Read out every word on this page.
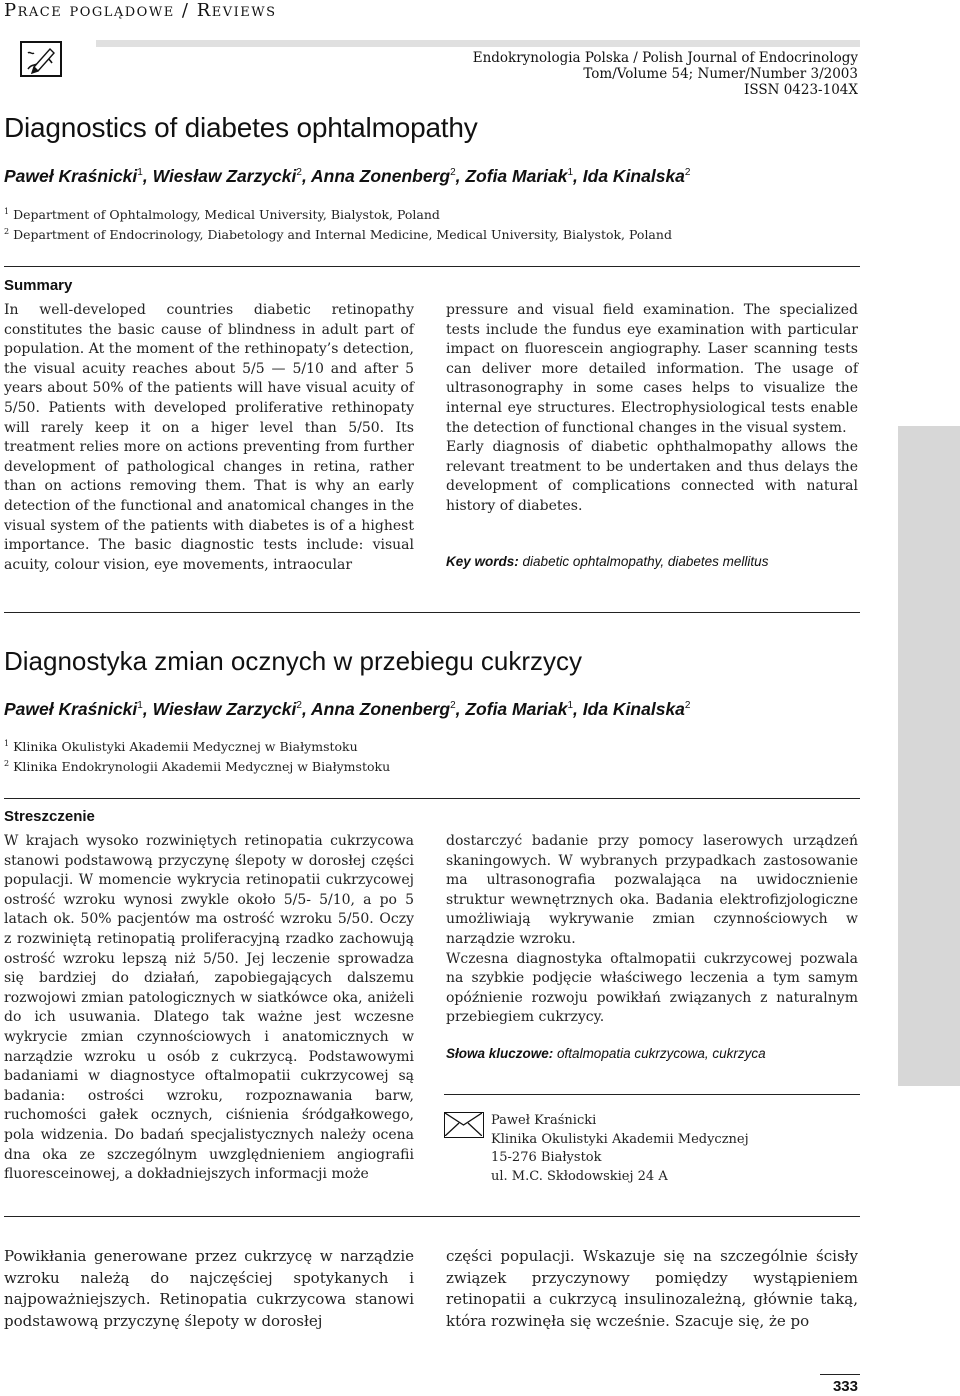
Prace poglądowe / Reviews
Endokrynologia Polska / Polish Journal of Endocrinology
Tom/Volume 54; Numer/Number 3/2003
ISSN 0423-104X
Diagnostics of diabetes ophtalmopathy
Paweł Kraśnicki$^1$, Wiesław Zarzycki$^2$, Anna Zonenberg$^2$, Zofia Mariak$^1$, Ida Kinalska$^2$
$^1$ Department of Ophtalmology, Medical University, Bialystok, Poland
$^2$ Department of Endocrinology, Diabetology and Internal Medicine, Medical University, Bialystok, Poland
Summary

In well-developed countries diabetic retinopathy constitutes the basic cause of blindness in adult part of population. At the moment of the rethinopaty’s detection, the visual acuity reaches about 5/5 — 5/10 and after 5 years about 50% of the patients will have visual acuity of 5/50. Patients with developed proliferative rethinopaty will rarely keep it on a higer level than 5/50. Its treatment relies more on actions preventing from further development of pathological changes in retina, rather than on actions removing them. That is why an early detection of the functional and anatomical changes in the visual system of the patients with diabetes is of a highest importance. The basic diagnostic tests include: visual acuity, colour vision, eye movements, intraocular

pressure and visual field examination. The specialized tests include the fundus eye examination with particular impact on fluorescein angiography. Laser scanning tests can deliver more detailed information. The usage of ultrasonography in some cases helps to visualize the internal eye structures. Electrophysiological tests enable the detection of functional changes in the visual system.

Early diagnosis of diabetic ophthalmopathy allows the relevant treatment to be undertaken and thus delays the development of complications connected with natural history of diabetes.

Key words: diabetic ophtalmopathy, diabetes mellitus
Diagnostyka zmian ocznych w przebiegu cukrzycy
Paweł Kraśnicki$^1$, Wiesław Zarzycki$^2$, Anna Zonenberg$^2$, Zofia Mariak$^1$, Ida Kinalska$^2$
$^1$ Klinika Okulistyki Akademii Medycznej w Białymstoku
$^2$ Klinika Endokrynologii Akademii Medycznej w Białymstoku
Streszczenie

W krajach wysoko rozwiniętych retinopatia cukrzycowa stanowi podstawową przyczynę ślepoty w dorosłej części populacji. W momencie wykrycia retinopatii cukrzycowej ostrość wzroku wynosi zwykle około 5/5- 5/10, a po 5 latach ok. 50% pacjentów ma ostrość wzroku 5/50. Oczy z rozwiniętą retinopatią proliferacyjną rzadko zachowują ostrość wzroku lepszą niż 5/50. Jej leczenie sprowadza się bardziej do działań, zapobiegających dalszemu rozwojowi zmian patologicznych w siatkówce oka, aniżeli do ich usuwania. Dlatego tak ważne jest wczesne wykrycie zmian czynnościowych i anatomicznych w narządzie wzroku u osób z cukrzycą. Podstawowymi badaniami w diagnostyce oftalmopatii cukrzycowej są badania: ostrości wzroku, rozpoznawania barw, ruchomości gałek ocznych, ciśnienia śródgałkowego, pola widzenia. Do badań specjalistycznych należy ocena dna oka ze szczególnym uwzględnieniem angiografii fluoresceinowej, a dokładniejszych informacji może

dostarczyć badanie przy pomocy laserowych urządzeń skaningowych. W wybranych przypadkach zastosowanie ma ultrasonografia pozwalająca na uwidocznienie struktur wewnętrznych oka. Badania elektrofizjologiczne umożliwiają wykrywanie zmian czynnościowych w narządzie wzroku.

Wczesna diagnostyka oftalmopatii cukrzycowej pozwala na szybkie podjęcie właściwego leczenia a tym samym opóźnienie rozwoju powikłań związanych z naturalnym przebiegiem cukrzycy.

Słowa kluczowe: oftalmopatia cukrzycowa, cukrzyca
Paweł Kraśnicki
Klinika Okulistyki Akademii Medycznej
15-276 Białystok
ul. M.C. Skłodowskiej 24 A

Powikłania generowane przez cukrzycę w narządzie wzroku należą do najczęściej spotykanych i najpoważniejszych. Retinopatia cukrzycowa stanowi podstawową przyczynę ślepoty w dorosłej

części populacji. Wskazuje się na szczególnie ścisły związek przyczynowy pomiędzy wystąpieniem retinopatii a cukrzycą insulinozależną, głównie taką, która rozwinęła się wcześnie. Szacuje się, że po

333
